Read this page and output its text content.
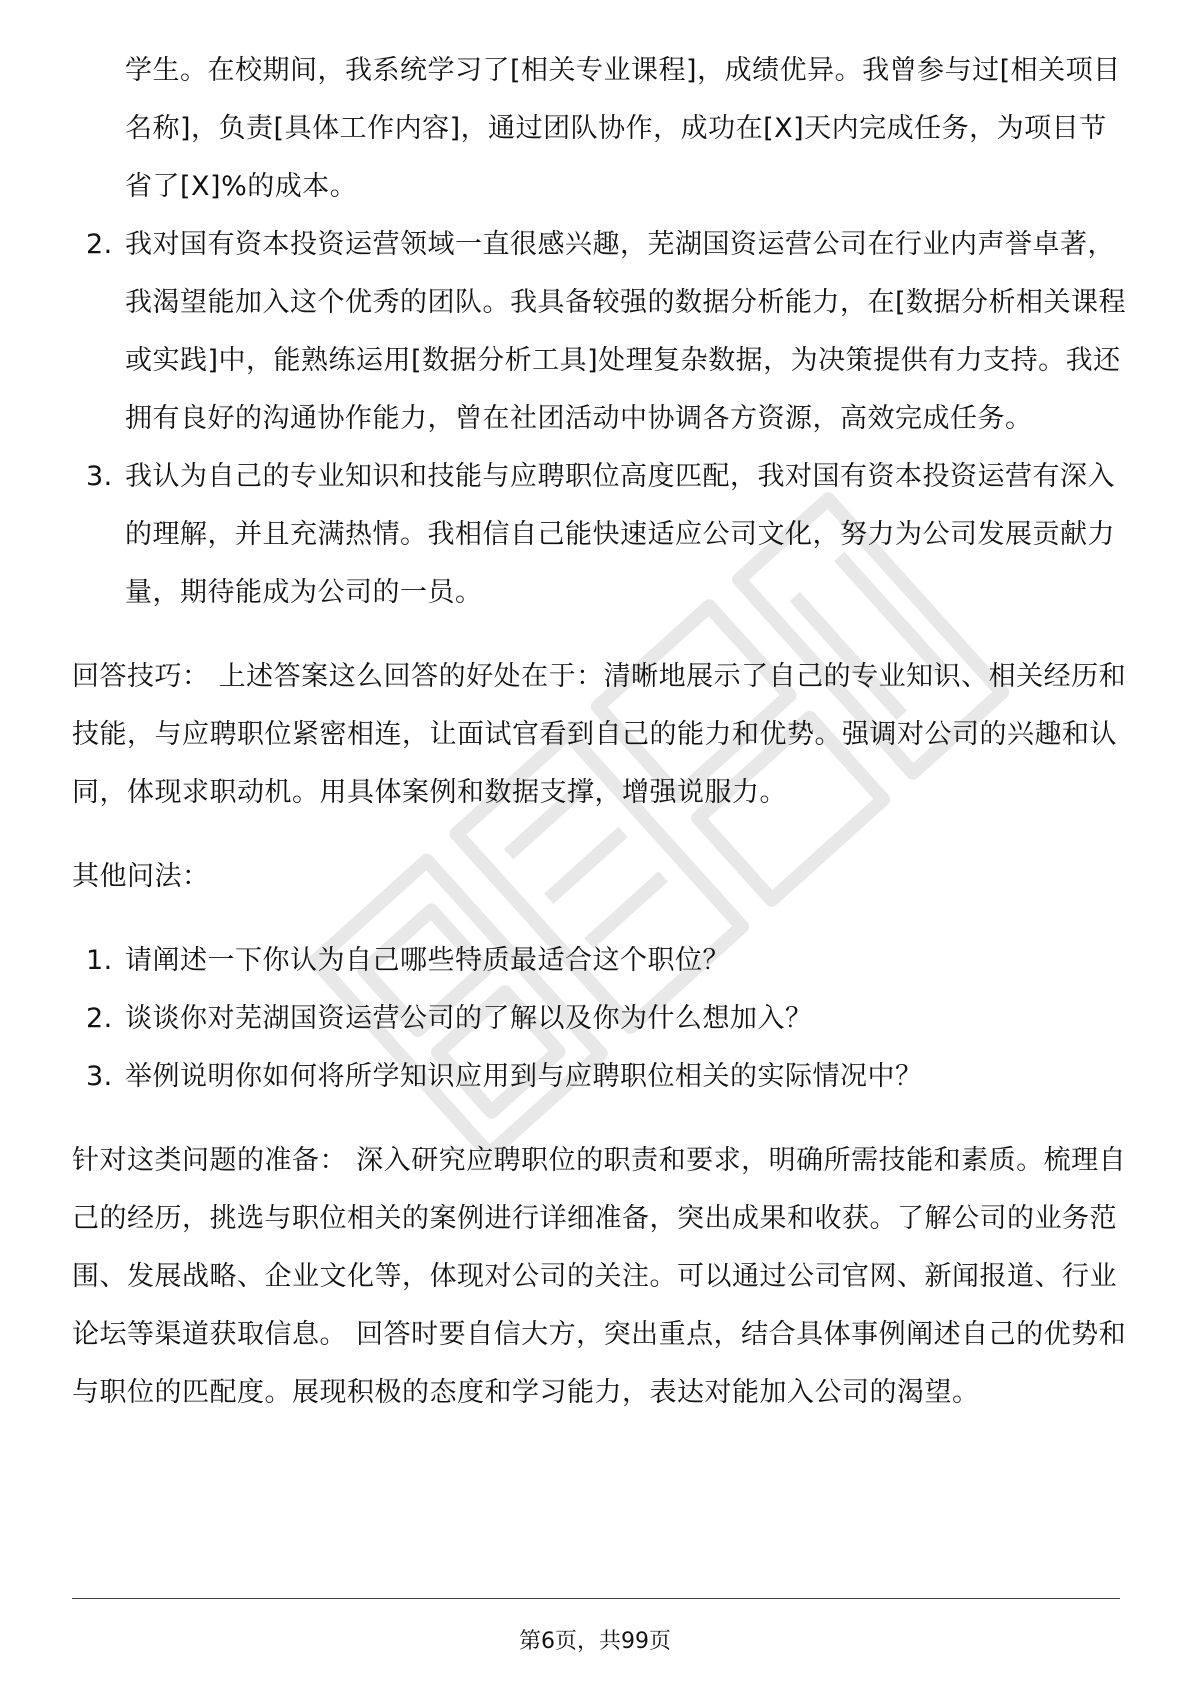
学生。在校期间，我系统学习了[相关专业课程]，成绩优异。我曾参与过[相关项目名称]，负责[具体工作内容]，通过团队协作，成功在[X]天内完成任务，为项目节省了[X]%的成本。

2. 我对国有资本投资运营领域一直很感兴趣，芜湖国资运营公司在行业内声誉卓著，我渴望能加入这个优秀的团队。我具备较强的数据分析能力，在[数据分析相关课程或实践]中，能熟练运用[数据分析工具]处理复杂数据，为决策提供有力支持。我还拥有良好的沟通协作能力，曾在社团活动中协调各方资源，高效完成任务。
3. 我认为自己的专业知识和技能与应聘职位高度匹配，我对国有资本投资运营有深入的理解，并且充满热情。我相信自己能快速适应公司文化，努力为公司发展贡献力量，期待能成为公司的一员。

回答技巧： 上述答案这么回答的好处在于：清晰地展示了自己的专业知识、相关经历和技能，与应聘职位紧密相连，让面试官看到自己的能力和优势。强调对公司的兴趣和认同，体现求职动机。用具体案例和数据支撑，增强说服力。

其他问法：

1. 请阐述一下你认为自己哪些特质最适合这个职位？
2. 谈谈你对芜湖国资运营公司的了解以及你为什么想加入？
3. 举例说明你如何将所学知识应用到与应聘职位相关的实际情况中？

针对这类问题的准备： 深入研究应聘职位的职责和要求，明确所需技能和素质。梳理自己的经历，挑选与职位相关的案例进行详细准备，突出成果和收获。了解公司的业务范围、发展战略、企业文化等，体现对公司的关注。可以通过公司官网、新闻报道、行业论坛等渠道获取信息。 回答时要自信大方，突出重点，结合具体事例阐述自己的优势和与职位的匹配度。展现积极的态度和学习能力，表达对能加入公司的渴望。

第6页，共99页
